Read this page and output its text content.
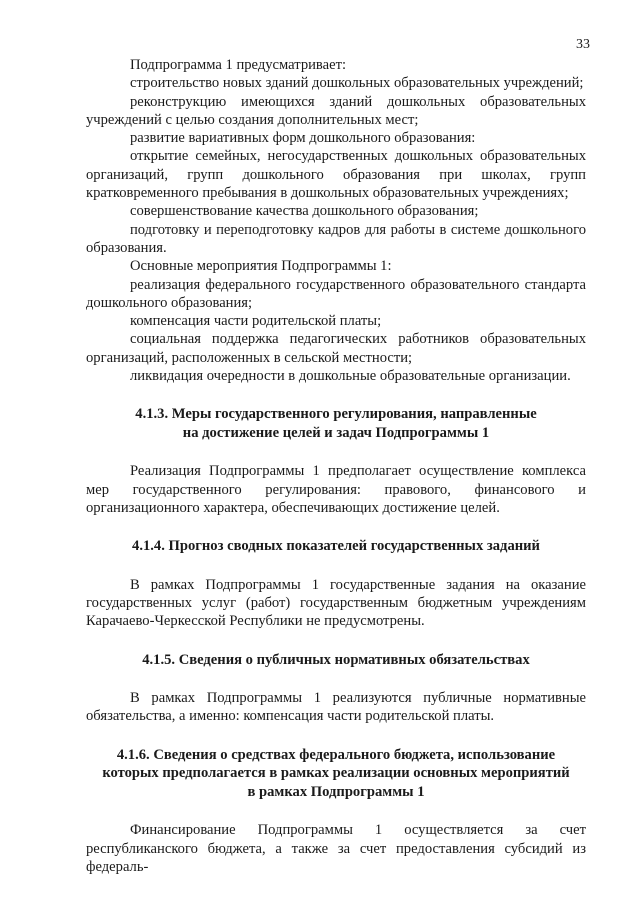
33

Подпрограмма 1 предусматривает:

строительство новых зданий дошкольных образовательных учреждений;

реконструкцию имеющихся зданий дошкольных образовательных учреждений с целью создания дополнительных мест;

развитие вариативных форм дошкольного образования:

открытие семейных, негосударственных дошкольных образовательных организаций, групп дошкольного образования при школах, групп кратковременного пребывания в дошкольных образовательных учреждениях;

совершенствование качества дошкольного образования;

подготовку и переподготовку кадров для работы в системе дошкольного образования.

Основные мероприятия Подпрограммы 1:

реализация федерального государственного образовательного стандарта дошкольного образования;

компенсация части родительской платы;

социальная поддержка педагогических работников образовательных организаций, расположенных в сельской местности;

ликвидация очередности в дошкольные образовательные организации.

4.1.3. Меры государственного регулирования, направленные
на достижение целей и задач Подпрограммы 1

Реализация Подпрограммы 1 предполагает осуществление комплекса мер государственного регулирования: правового, финансового и организационного характера, обеспечивающих достижение целей.

4.1.4. Прогноз сводных показателей государственных заданий

В рамках Подпрограммы 1 государственные задания на оказание государственных услуг (работ) государственным бюджетным учреждениям Карачаево-Черкесской Республики не предусмотрены.

4.1.5. Сведения о публичных нормативных обязательствах

В рамках Подпрограммы 1 реализуются публичные нормативные обязательства, а именно: компенсация части родительской платы.

4.1.6. Сведения о средствах федерального бюджета, использование
которых предполагается в рамках реализации основных мероприятий
в рамках Подпрограммы 1

Финансирование Подпрограммы 1 осуществляется за счет республиканского бюджета, а также за счет предоставления субсидий из федераль-
